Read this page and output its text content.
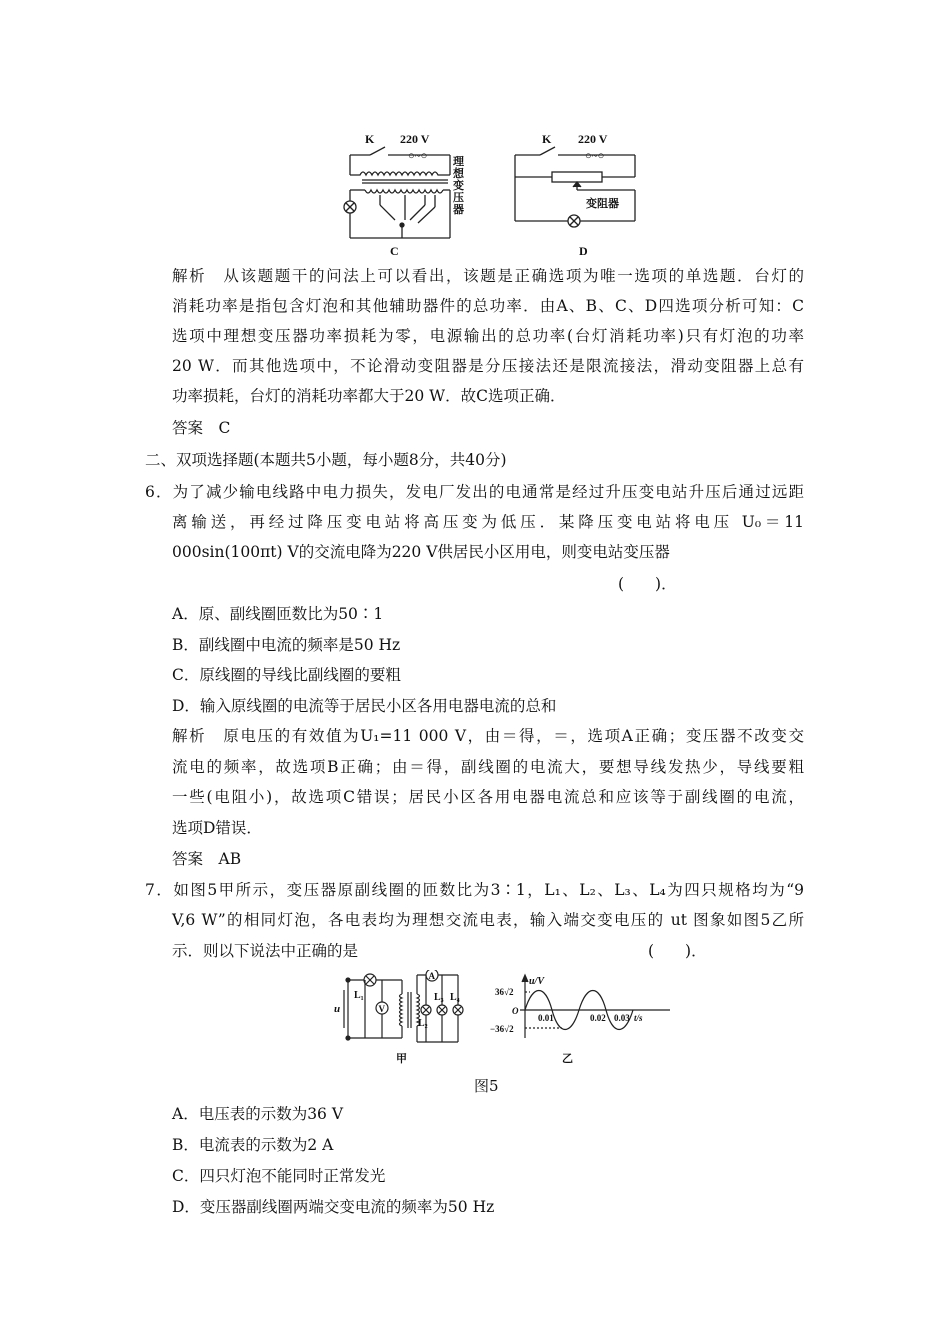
K 220 V
○~○ 理
想
变
压
器
C
K 220 V
○~○
变阻器
D
解析　从该题题干的问法上可以看出，该题是正确选项为唯一选项的单选题．台灯的
消耗功率是指包含灯泡和其他辅助器件的总功率．由A、B、C、D四选项分析可知：C
选项中理想变压器功率损耗为零，电源输出的总功率(台灯消耗功率)只有灯泡的功率
20 W．而其他选项中，不论滑动变阻器是分压接法还是限流接法，滑动变阻器上总有
功率损耗，台灯的消耗功率都大于20 W．故C选项正确．
答案　C
二、双项选择题(本题共5小题，每小题8分，共40分)
6．为了减少输电线路中电力损失，发电厂发出的电通常是经过升压变电站升压后通过远距
离输送，再经过降压变电站将高压变为低压．某降压变电站将电压 U₀＝11
000sin(100πt) V的交流电降为220 V供居民小区用电，则变电站变压器
(　　)．
A．原、副线圈匝数比为50∶1
B．副线圈中电流的频率是50 Hz
C．原线圈的导线比副线圈的要粗
D．输入原线圈的电流等于居民小区各用电器电流的总和
解析　原电压的有效值为U₁=11 000 V，由＝得，＝，选项A正确；变压器不改变交
流电的频率，故选项B正确；由＝得，副线圈的电流大，要想导线发热少，导线要粗
一些(电阻小)，故选项C错误；居民小区各用电器电流总和应该等于副线圈的电流，
选项D错误．
答案　AB
7．如图5甲所示，变压器原副线圈的匝数比为3∶1，L₁、L₂、L₃、L₄为四只规格均为“9
V,6 W”的相同灯泡，各电表均为理想交流电表，输入端交变电压的 ut 图象如图5乙所
示．则以下说法中正确的是	(　　)．
A
V
u
L₁
L₂
L₃ L₄
甲
u/V
36√2
O
−36√2
0.01	0.02 0.03 t/s
乙
图5
A．电压表的示数为36 V
B．电流表的示数为2 A
C．四只灯泡不能同时正常发光
D．变压器副线圈两端交变电流的频率为50 Hz
